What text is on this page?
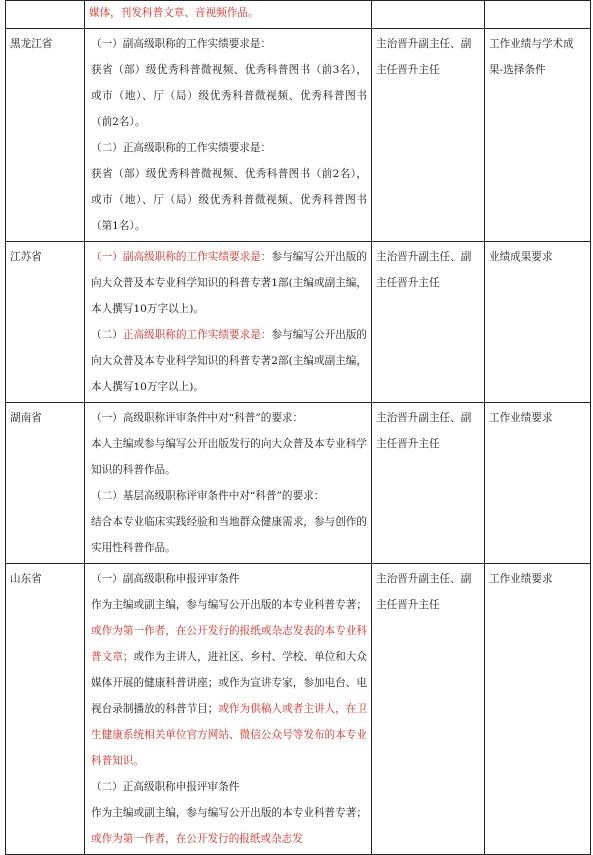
	媒体，刊发科普文章、音视频作品。		

黑龙江省	（一）副高级职称的工作实绩要求是：

获省（部）级优秀科普微视频、优秀科普图书（前3名），或市（地）、厅（局）级优秀科普微视频、优秀科普图书（前2名）。

（二）正高级职称的工作实绩要求是：

获省（部）级优秀科普微视频、优秀科普图书（前2名），或市（地）、厅（局）级优秀科普微视频、优秀科普图书（第1名）。	主治晋升副主任、副主任晋升主任	工作业绩与学术成果-选择条件
江苏省	（一）副高级职称的工作实绩要求是：参与编写公开出版的向大众普及本专业科学知识的科普专著1部(主编或副主编，本人撰写10万字以上)。

（二）正高级职称的工作实绩要求是：参与编写公开出版的向大众普及本专业科学知识的科普专著2部(主编或副主编，本人撰写10万字以上)。	主治晋升副主任、副主任晋升主任	业绩成果要求
湖南省	（一）高级职称评审条件中对“科普”的要求：

本人主编或参与编写公开出版发行的向大众普及本专业科学知识的科普作品。

（二）基层高级职称评审条件中对“科普”的要求：

结合本专业临床实践经验和当地群众健康需求，参与创作的实用性科普作品。	主治晋升副主任、副主任晋升主任	工作业绩要求
山东省	（一）副高级职称申报评审条件

作为主编或副主编，参与编写公开出版的本专业科普专著；或作为第一作者，在公开发行的报纸或杂志发表的本专业科普文章；或作为主讲人，进社区、乡村、学校、单位和大众媒体开展的健康科普讲座；或作为宣讲专家，参加电台、电视台录制播放的科普节目；或作为供稿人或者主讲人，在卫生健康系统相关单位官方网站、微信公众号等发布的本专业科普知识。

（二）正高级职称申报评审条件

作为主编或副主编，参与编写公开出版的本专业科普专著；或作为第一作者，在公开发行的报纸或杂志发	主治晋升副主任、副主任晋升主任	工作业绩要求
